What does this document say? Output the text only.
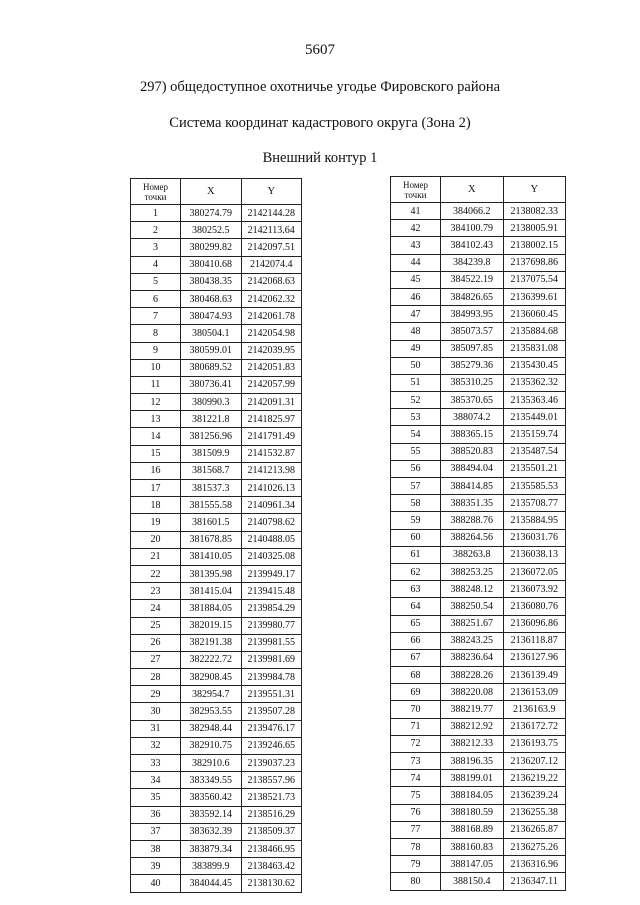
5607
297) общедоступное охотничье угодье Фировского района
Система координат кадастрового округа (Зона 2)
Внешний контур 1
Номер
точки	X	Y
1	380274.79	2142144.28
2	380252.5	2142113.64
3	380299.82	2142097.51
4	380410.68	2142074.4
5	380438.35	2142068.63
6	380468.63	2142062.32
7	380474.93	2142061.78
8	380504.1	2142054.98
9	380599.01	2142039.95
10	380689.52	2142051.83
11	380736.41	2142057.99
12	380990.3	2142091.31
13	381221.8	2141825.97
14	381256.96	2141791.49
15	381509.9	2141532.87
16	381568.7	2141213.98
17	381537.3	2141026.13
18	381555.58	2140961.34
19	381601.5	2140798.62
20	381678.85	2140488.05
21	381410.05	2140325.08
22	381395.98	2139949.17
23	381415.04	2139415.48
24	381884.05	2139854.29
25	382019.15	2139980.77
26	382191.38	2139981.55
27	382222.72	2139981.69
28	382908.45	2139984.78
29	382954.7	2139551.31
30	382953.55	2139507.28
31	382948.44	2139476.17
32	382910.75	2139246.65
33	382910.6	2139037.23
34	383349.55	2138557.96
35	383560.42	2138521.73
36	383592.14	2138516.29
37	383632.39	2138509.37
38	383879.34	2138466.95
39	383899.9	2138463.42
40	384044.45	2138130.62
Номер
точки	X	Y
41	384066.2	2138082.33
42	384100.79	2138005.91
43	384102.43	2138002.15
44	384239.8	2137698.86
45	384522.19	2137075.54
46	384826.65	2136399.61
47	384993.95	2136060.45
48	385073.57	2135884.68
49	385097.85	2135831.08
50	385279.36	2135430.45
51	385310.25	2135362.32
52	385370.65	2135363.46
53	388074.2	2135449.01
54	388365.15	2135159.74
55	388520.83	2135487.54
56	388494.04	2135501.21
57	388414.85	2135585.53
58	388351.35	2135708.77
59	388288.76	2135884.95
60	388264.56	2136031.76
61	388263.8	2136038.13
62	388253.25	2136072.05
63	388248.12	2136073.92
64	388250.54	2136080.76
65	388251.67	2136096.86
66	388243.25	2136118.87
67	388236.64	2136127.96
68	388228.26	2136139.49
69	388220.08	2136153.09
70	388219.77	2136163.9
71	388212.92	2136172.72
72	388212.33	2136193.75
73	388196.35	2136207.12
74	388199.01	2136219.22
75	388184.05	2136239.24
76	388180.59	2136255.38
77	388168.89	2136265.87
78	388160.83	2136275.26
79	388147.05	2136316.96
80	388150.4	2136347.11
